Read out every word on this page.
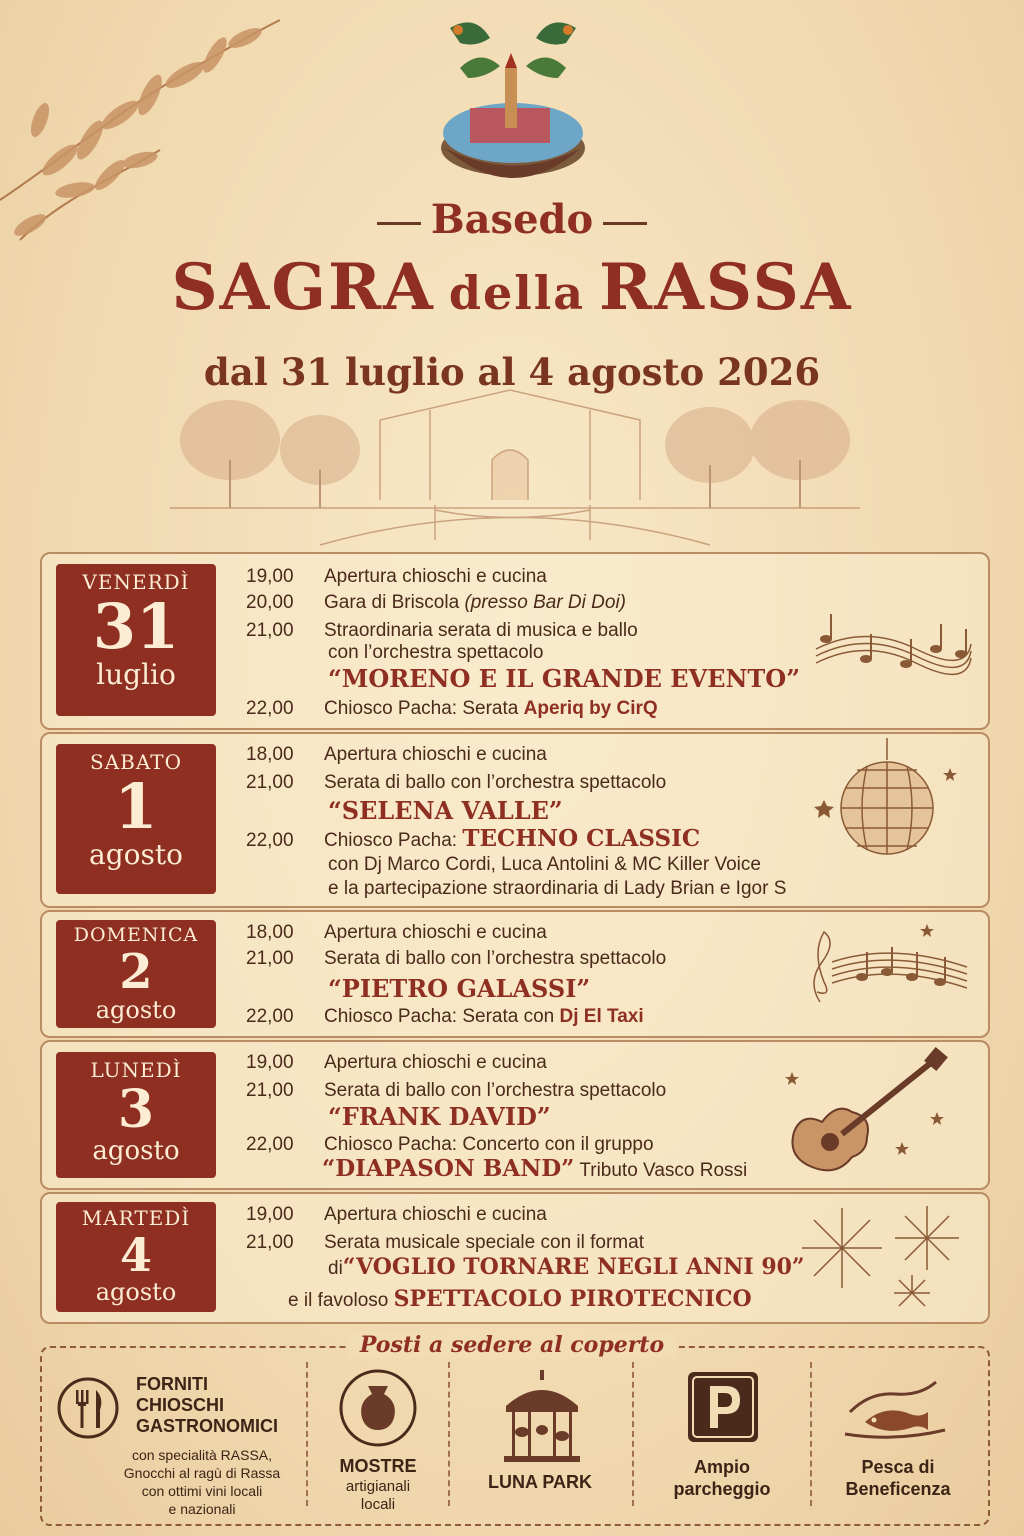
Basedo
SAGRA della RASSA
dal 31 luglio al 4 agosto 2026
VENERDÌ
31
luglio
19,00 Apertura chioschi e cucina
20,00 Gara di Briscola (presso Bar Di Doi)
21,00 Straordinaria serata di musica e ballo
con l’orchestra spettacolo
“MORENO E IL GRANDE EVENTO”
22,00 Chiosco Pacha: Serata Aperiq by CirQ
SABATO
1
agosto
18,00 Apertura chioschi e cucina
21,00 Serata di ballo con l’orchestra spettacolo
“SELENA VALLE”
22,00 Chiosco Pacha: TECHNO CLASSIC
con Dj Marco Cordi, Luca Antolini & MC Killer Voice
e la partecipazione straordinaria di Lady Brian e Igor S
DOMENICA
2
agosto
18,00 Apertura chioschi e cucina
21,00 Serata di ballo con l’orchestra spettacolo
“PIETRO GALASSI”
22,00 Chiosco Pacha: Serata con Dj El Taxi
LUNEDÌ
3
agosto
19,00 Apertura chioschi e cucina
21,00 Serata di ballo con l’orchestra spettacolo
“FRANK DAVID”
22,00 Chiosco Pacha: Concerto con il gruppo
“DIAPASON BAND” Tributo Vasco Rossi
MARTEDÌ
4
agosto
19,00 Apertura chioschi e cucina
21,00 Serata musicale speciale con il format
di“VOGLIO TORNARE NEGLI ANNI 90”
e il favoloso SPETTACOLO PIROTECNICO
Posti a sedere al coperto
FORNITI
CHIOSCHI
GASTRONOMICI
con specialità RASSA,
Gnocchi al ragù di Rassa
con ottimi vini locali
e nazionali
MOSTRE
artigianali
locali
LUNA PARK
Ampio
parcheggio
Pesca di
Beneficenza
